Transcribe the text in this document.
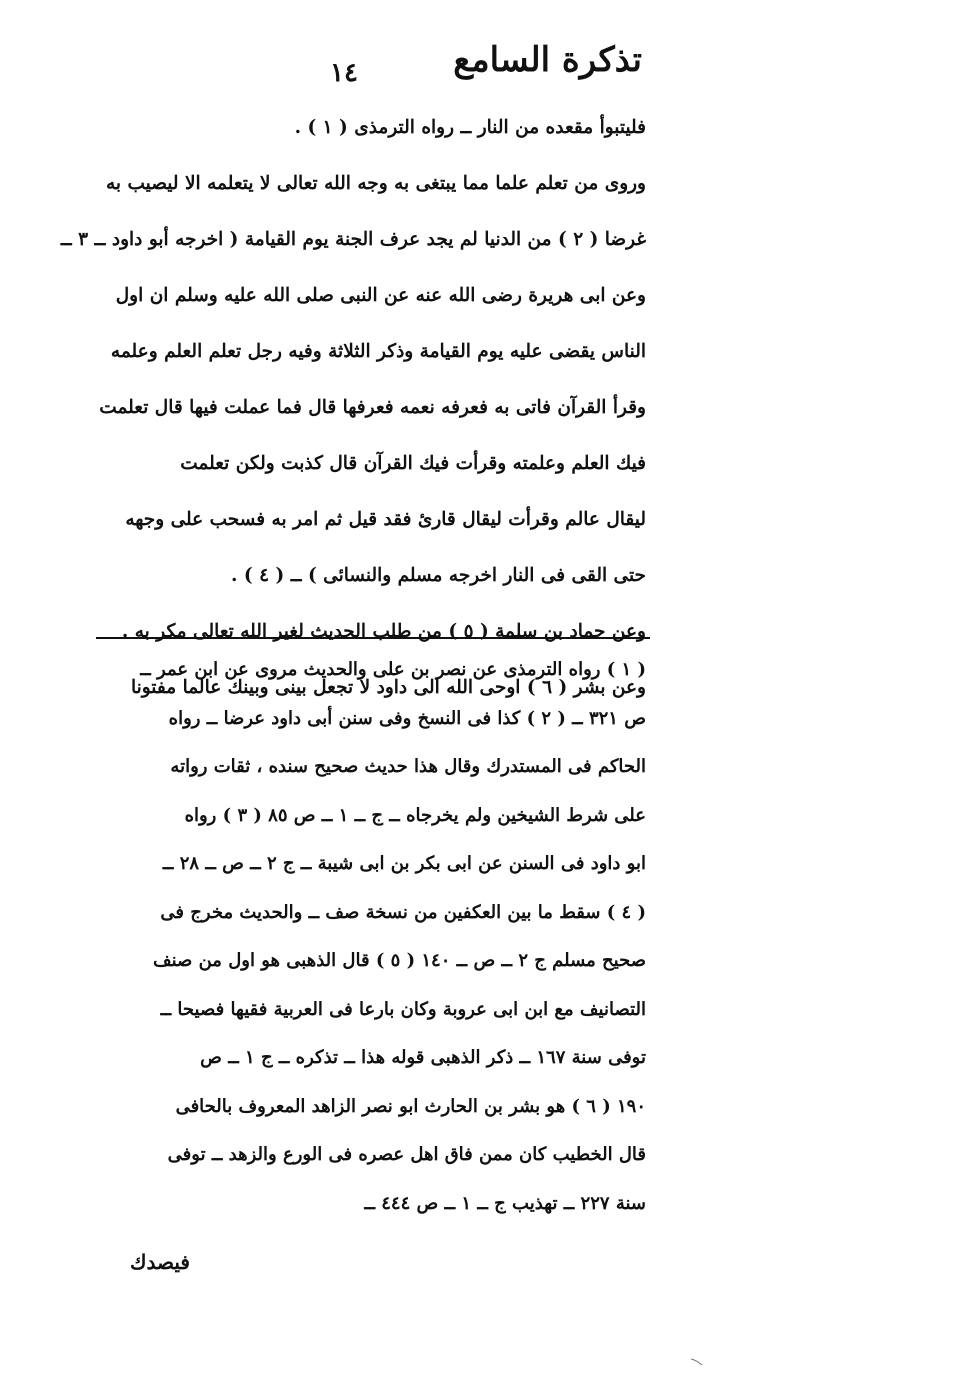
تذكرة السامع
١٤
فليتبوأ مقعده من النار ــ رواه الترمذى ( ١ ) .
وروى من تعلم علما مما يبتغى به وجه الله تعالى لا يتعلمه الا ليصيب به
غرضا ( ٢ ) من الدنيا لم يجد عرف الجنة يوم القيامة ( اخرجه أبو داود ــ ٣ ــ
وعن ابى هريرة رضى الله عنه عن النبى صلى الله عليه وسلم ان اول
الناس يقضى عليه يوم القيامة وذكر الثلاثة وفيه رجل تعلم العلم وعلمه
وقرأ القرآن فاتى به فعرفه نعمه فعرفها قال فما عملت فيها قال تعلمت
فيك العلم وعلمته وقرأت فيك القرآن قال كذبت ولكن تعلمت
ليقال عالم وقرأت ليقال قارئ فقد قيل ثم امر به فسحب على وجهه
حتى القى فى النار اخرجه مسلم والنسائى ) ــ ( ٤ ) .
وعن حماد بن سلمة ( ٥ ) من طلب الحديث لغير الله تعالى مكر به .
وعن بشر ( ٦ ) اوحى الله الى داود لا تجعل بينى وبينك عالما مفتونا
( ١ ) رواه الترمذى عن نصر بن على والحديث مروى عن ابن عمر ــ
ص ٣٢١ ــ ( ٢ ) كذا فى النسخ وفى سنن أبى داود عرضا ــ رواه
الحاكم فى المستدرك وقال هذا حديث صحيح سنده ، ثقات رواته
على شرط الشيخين ولم يخرجاه ــ ج ــ ١ ــ ص ٨٥ ( ٣ ) رواه
ابو داود فى السنن عن ابى بكر بن ابى شيبة ــ ج ٢ ــ ص ــ ٢٨ ــ
( ٤ ) سقط ما بين العكفين من نسخة صف ــ والحديث مخرج فى
صحيح مسلم ج ٢ ــ ص ــ ١٤٠ ( ٥ ) قال الذهبى هو اول من صنف
التصانيف مع ابن ابى عروبة وكان بارعا فى العربية فقيها فصيحا ــ
توفى سنة ١٦٧ ــ ذكر الذهبى قوله هذا ــ تذكره ــ ج ١ ــ ص
١٩٠ ( ٦ ) هو بشر بن الحارث ابو نصر الزاهد المعروف بالحافى
قال الخطيب كان ممن فاق اهل عصره فى الورع والزهد ــ توفى
سنة ٢٢٧ ــ تهذيب ج ــ ١ ــ ص ٤٤٤ ــ
فيصدك
